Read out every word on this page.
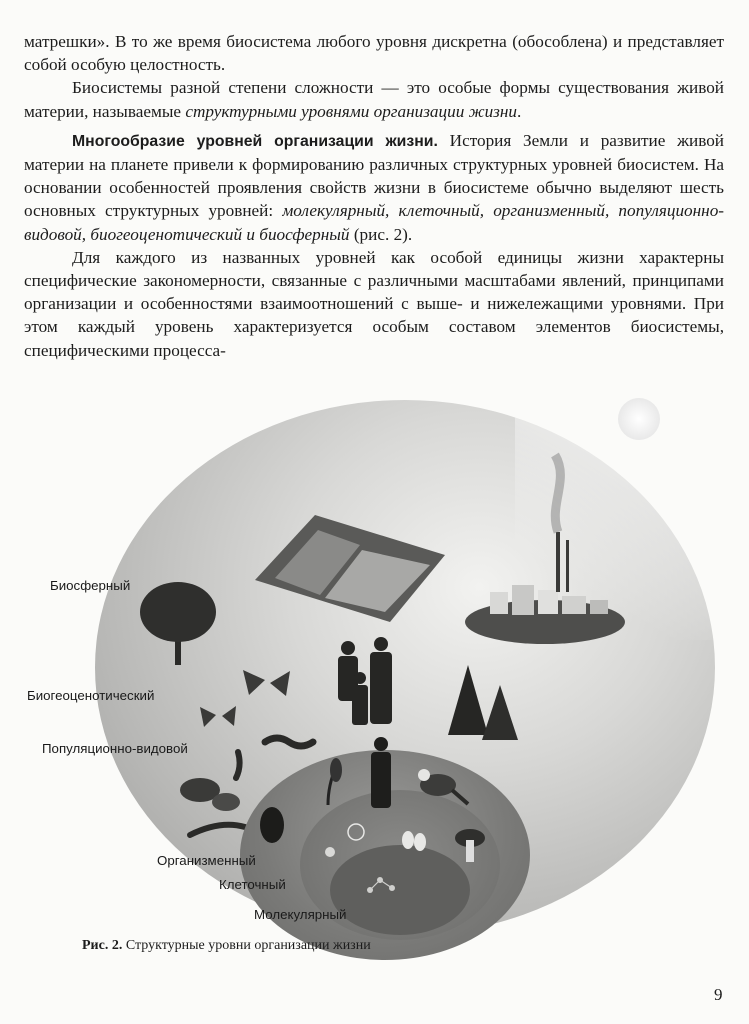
матрешки». В то же время биосистема любого уровня дискретна (обособлена) и представляет собой особую целостность.

Биосистемы разной степени сложности — это особые формы существования живой материи, называемые структурными уровнями организации жизни.

Многообразие уровней организации жизни. История Земли и развитие живой материи на планете привели к формированию различных структурных уровней биосистем. На основании особенностей проявления свойств жизни в биосистеме обычно выделяют шесть основных структурных уровней: молекулярный, клеточный, организменный, популяционно-видовой, биогеоценотический и биосферный (рис. 2).

Для каждого из названных уровней как особой единицы жизни характерны специфические закономерности, связанные с различными масштабами явлений, принципами организации и особенностями взаимоотношений с выше- и нижележащими уровнями. При этом каждый уровень характеризуется особым составом элементов биосистемы, специфическими процесса-

Биосферный
Биогеоценотический
Популяционно-видовой
Организменный
Клеточный
Молекулярный
Рис. 2. Структурные уровни организации жизни
9
